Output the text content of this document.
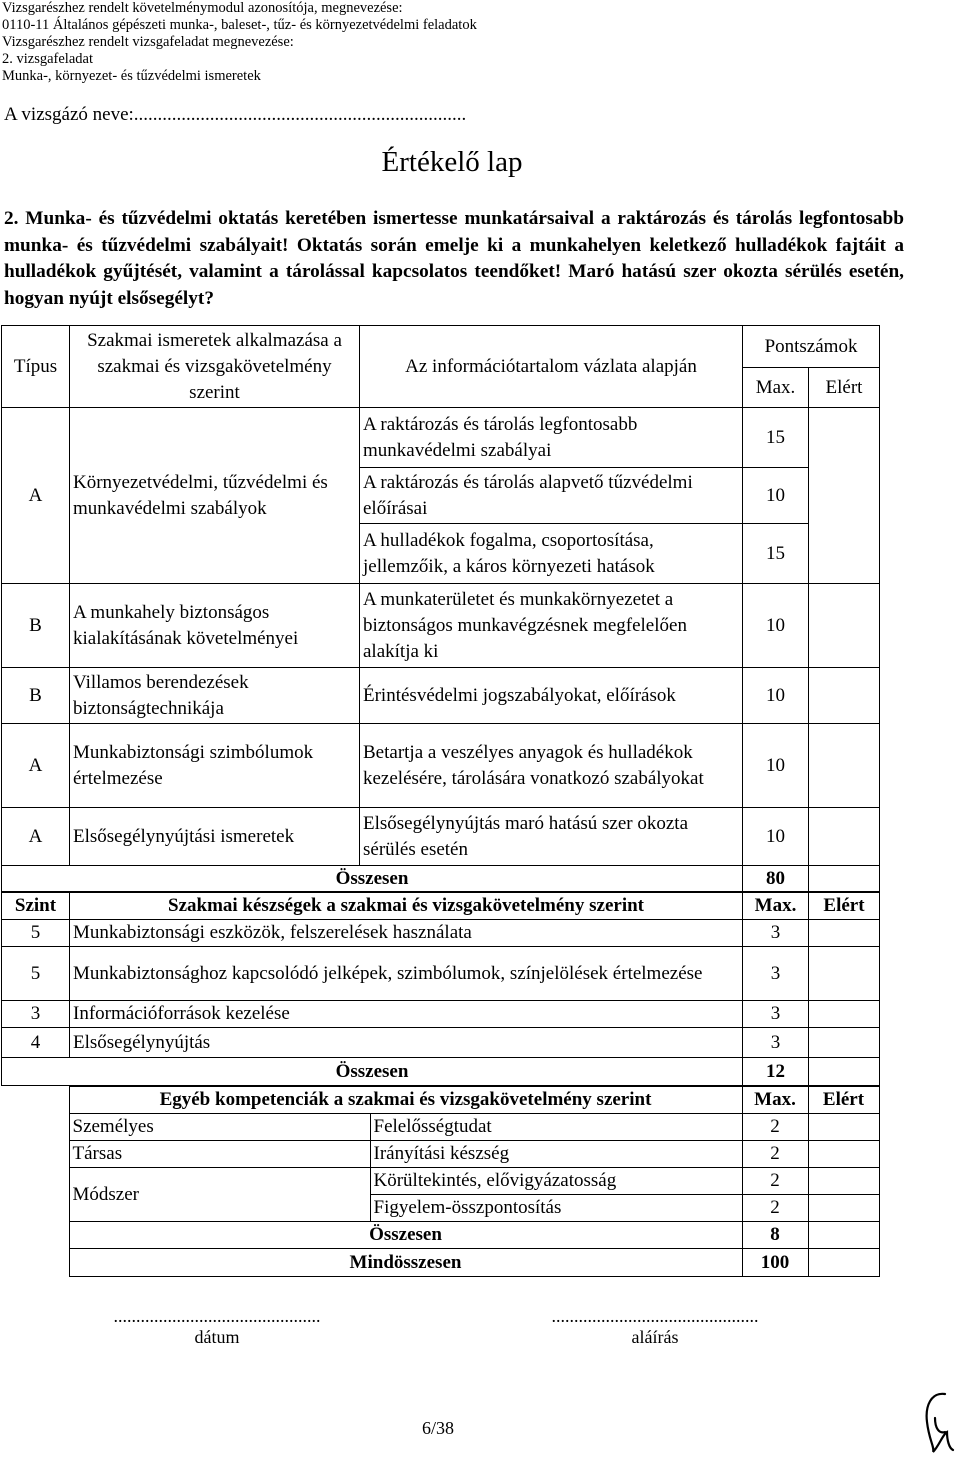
Vizsgarészhez rendelt követelménymodul azonosítója, megnevezése:
0110-11 Általános gépészeti munka-, baleset-, tűz- és környezetvédelmi feladatok
Vizsgarészhez rendelt vizsgafeladat megnevezése:
2. vizsgafeladat
Munka-, környezet- és tűzvédelmi ismeretek
A vizsgázó neve:......................................................................
Értékelő lap
2. Munka- és tűzvédelmi oktatás keretében ismertesse munkatársaival a raktározás és tárolás legfontosabb munka- és tűzvédelmi szabályait! Oktatás során emelje ki a munkahelyen keletkező hulladékok fajtáit a hulladékok gyűjtését, valamint a tárolással kapcsolatos teendőket! Maró hatású szer okozta sérülés esetén, hogyan nyújt elsősegélyt?
Típus	Szakmai ismeretek alkalmazása a szakmai és vizsgakövetelmény szerint	Az információtartalom vázlata alapján	Pontszámok	
			Max.	Elért
A	Környezetvédelmi, tűzvédelmi és munkavédelmi szabályok	A raktározás és tárolás legfontosabb munkavédelmi szabályai	15	
		A raktározás és tárolás alapvető tűzvédelmi előírásai	10	
		A hulladékok fogalma, csoportosítása, jellemzőik, a káros környezeti hatások	15	
B	A munkahely biztonságos kialakításának követelményei	A munkaterületet és munkakörnyezetet a biztonságos munkavégzésnek megfelelően alakítja ki	10	
B	Villamos berendezések biztonságtechnikája	Érintésvédelmi jogszabályokat, előírások	10	
A	Munkabiztonsági szimbólumok értelmezése	Betartja a veszélyes anyagok és hulladékok kezelésére, tárolására vonatkozó szabályokat	10	
A	Elsősegélynyújtási ismeretek	Elsősegélynyújtás maró hatású szer okozta sérülés esetén	10	
Összesen			80	
Szint	Szakmai készségek a szakmai és vizsgakövetelmény szerint	Max.	Elért
5	Munkabiztonsági eszközök, felszerelések használata	3	
5	Munkabiztonsághoz kapcsolódó jelképek, szimbólumok, színjelölések értelmezése	3	
3	Információforrások kezelése	3	
4	Elsősegélynyújtás	3	
Összesen		12	
	Egyéb kompetenciák a szakmai és vizsgakövetelmény szerint		Max.	Elért
	Személyes	Felelősségtudat	2	
	Társas	Irányítási készség	2	
	Módszer	Körültekintés, elővigyázatosság	2	
		Figyelem-összpontosítás	2	
	Összesen		8	
	Mindösszesen		100	
..............................................
dátum
..............................................
aláírás
6/38
